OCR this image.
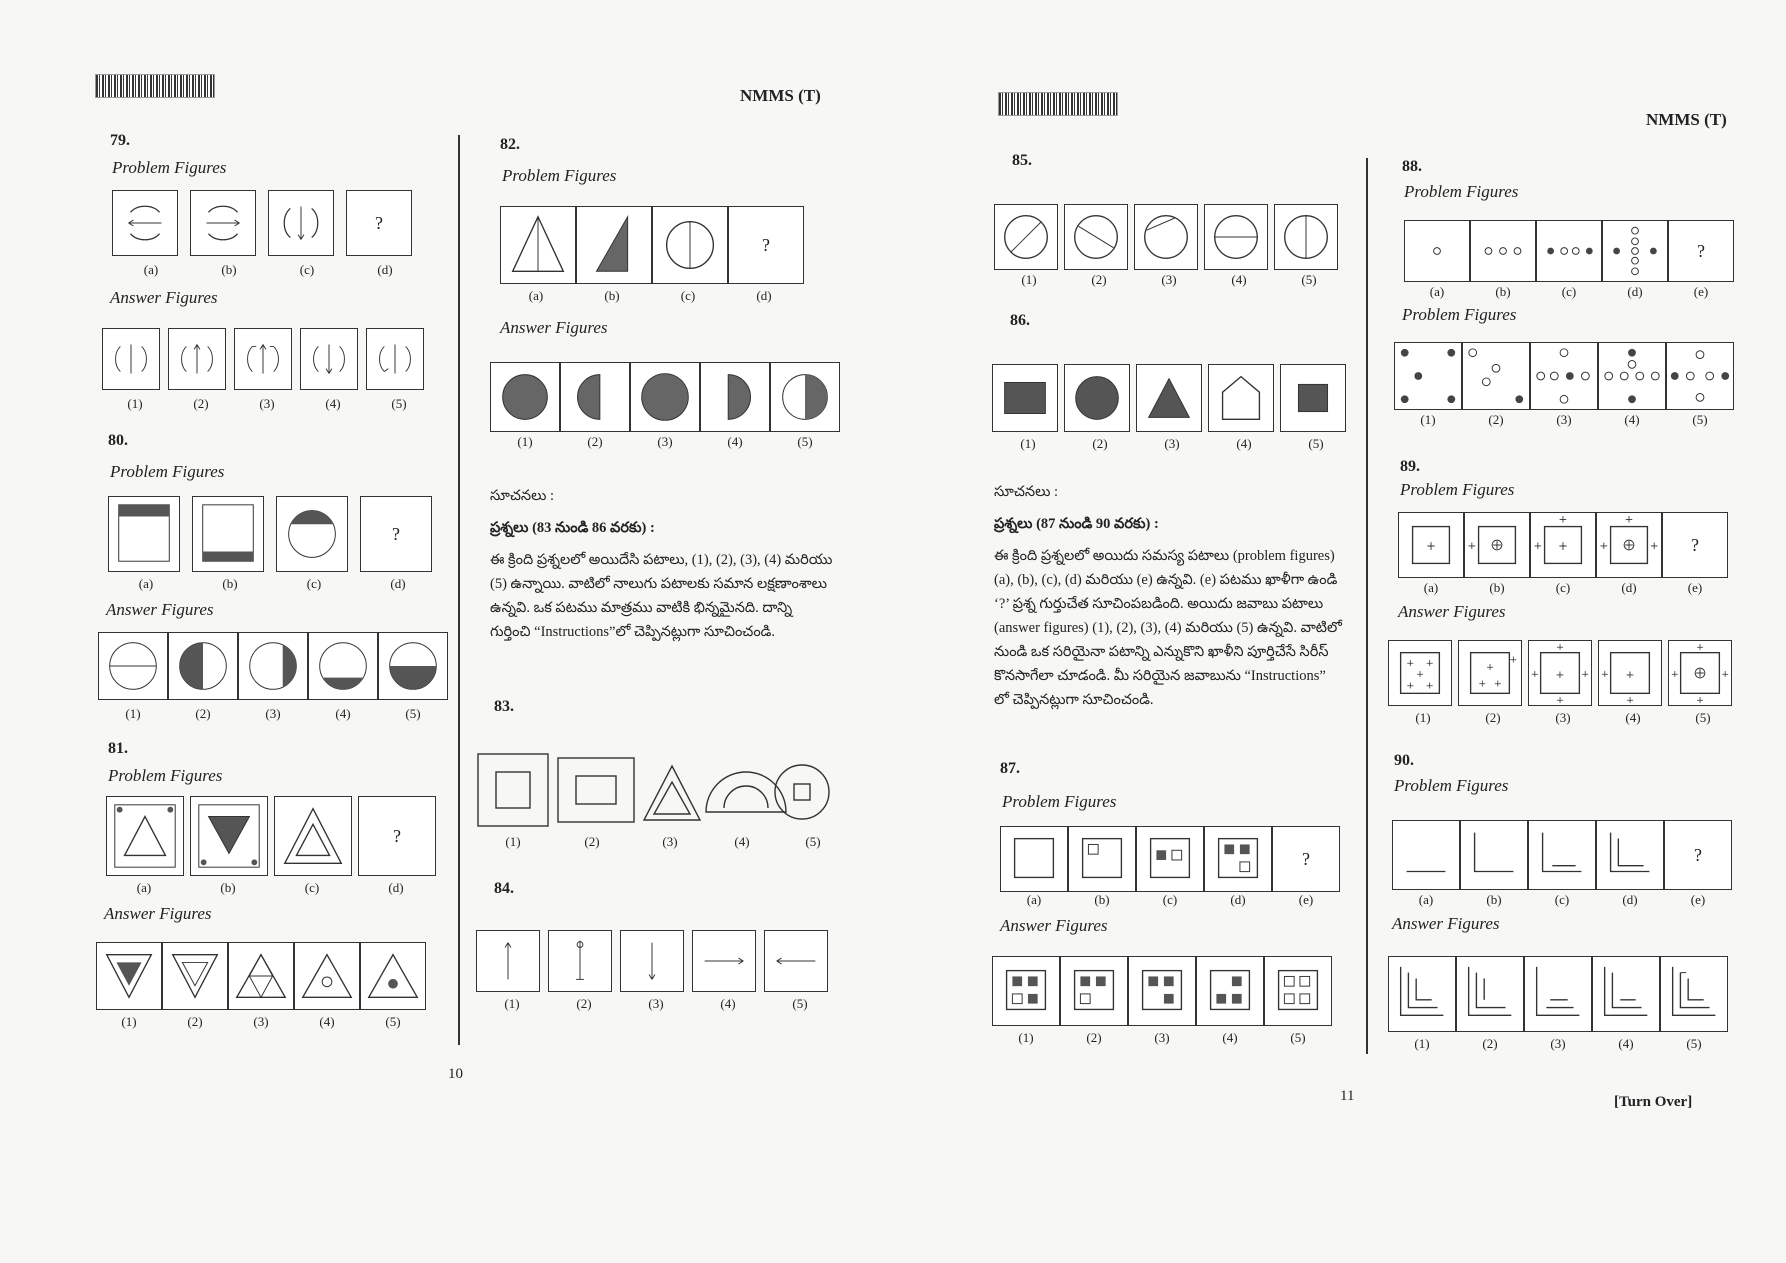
NMMS (T)
79.
Problem Figures
?
(a)	(b)	(c)	(d)
Answer Figures
(1)	(2)	(3)	(4)	(5)
80.
Problem Figures
?
(a)	(b)	(c)	(d)
Answer Figures
(1)	(2)	(3)	(4)	(5)
81.
Problem Figures
?
(a)	(b)	(c)	(d)
Answer Figures
(1)	(2)	(3)	(4)	(5)
82.
Problem Figures
?
(a)	(b)	(c)	(d)
Answer Figures
(1)	(2)	(3)	(4)	(5)
సూచనలు :
ప్రశ్నలు (83 నుండి 86 వరకు) :
ఈ క్రింది ప్రశ్నలలో అయిదేసి పటాలు, (1), (2), (3), (4) మరియు (5) ఉన్నాయి. వాటిలో నాలుగు పటాలకు సమాన లక్షణాంశాలు ఉన్నవి. ఒక పటము మాత్రము వాటికి భిన్నమైనది. దాన్ని గుర్తించి “Instructions”లో చెప్పినట్లుగా సూచించండి.
83.
(1)	(2)	(3)	(4)	(5)
84.
(1)	(2)	(3)	(4)	(5)
10
NMMS (T)
85.
(1)	(2)	(3)	(4)	(5)
86.
(1)	(2)	(3)	(4)	(5)
సూచనలు :
ప్రశ్నలు (87 నుండి 90 వరకు) :
ఈ క్రింది ప్రశ్నలలో అయిదు సమస్య పటాలు (problem figures) (a), (b), (c), (d) మరియు (e) ఉన్నవి. (e) పటము ఖాళీగా ఉండి ‘?’ ప్రశ్న గుర్తుచేత సూచింపబడింది. అయిదు జవాబు పటాలు (answer figures) (1), (2), (3), (4) మరియు (5) ఉన్నవి. వాటిలో నుండి ఒక సరియైనా పటాన్ని ఎన్నుకొని ఖాళీని పూర్తిచేసే సిరీస్ కొనసాగేలా చూడండి. మీ సరియైన జవాబును “Instructions” లో చెప్పినట్లుగా సూచించండి.
87.
Problem Figures
?
(a)	(b)	(c)	(d)	(e)
Answer Figures
(1)	(2)	(3)	(4)	(5)
88.
Problem Figures
?
(a)	(b)	(c)	(d)	(e)
Problem Figures
(1)	(2)	(3)	(4)	(5)
89.
Problem Figures
+	+	+
+
+
+
+
+ ?
(a)	(b)	(c)	(d)	(e)
Answer Figures
+ +
+
+ +
+
+ +
+
+
+
+
+
+
+
+
+
+
+
+
+
(1)	(2)	(3)	(4)	(5)
90.
Problem Figures
?
(a)	(b)	(c)	(d)	(e)
Answer Figures
(1)	(2)	(3)	(4)	(5)
11	[Turn Over]
